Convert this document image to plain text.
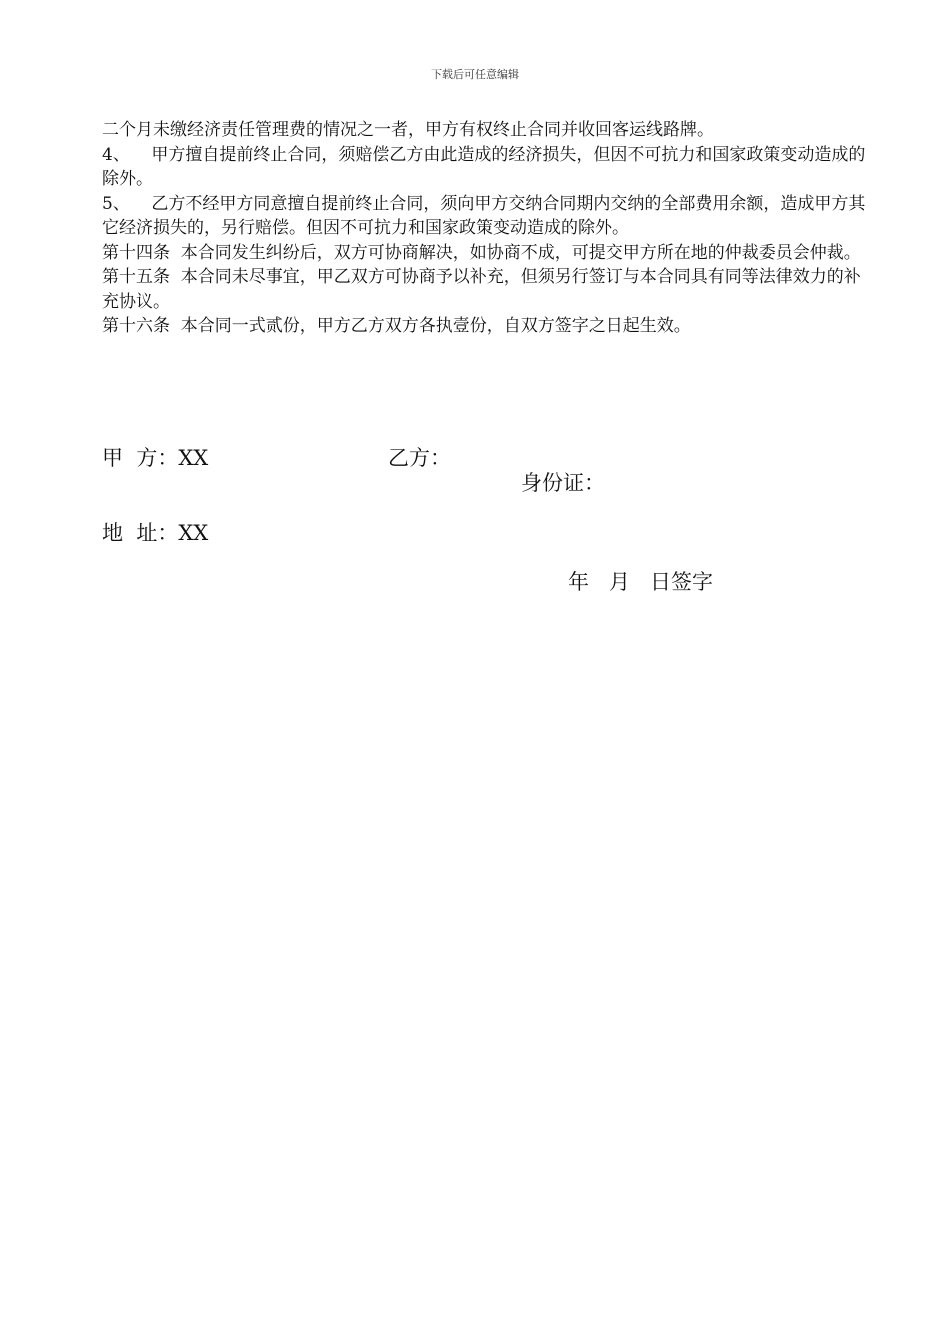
下载后可任意编辑

二个月未缴经济责任管理费的情况之一者，甲方有权终止合同并收回客运线路牌。

4、    甲方擅自提前终止合同，须赔偿乙方由此造成的经济损失，但因不可抗力和国家政策变动造成的除外。

5、    乙方不经甲方同意擅自提前终止合同，须向甲方交纳合同期内交纳的全部费用余额，造成甲方其它经济损失的，另行赔偿。但因不可抗力和国家政策变动造成的除外。

第十四条  本合同发生纠纷后，双方可协商解决，如协商不成，可提交甲方所在地的仲裁委员会仲裁。

第十五条  本合同未尽事宜，甲乙双方可协商予以补充，但须另行签订与本合同具有同等法律效力的补充协议。

第十六条  本合同一式贰份，甲方乙方双方各执壹份，自双方签字之日起生效。

甲  方：XX	乙方：
身份证：
地  址：XX
年   月   日签字
